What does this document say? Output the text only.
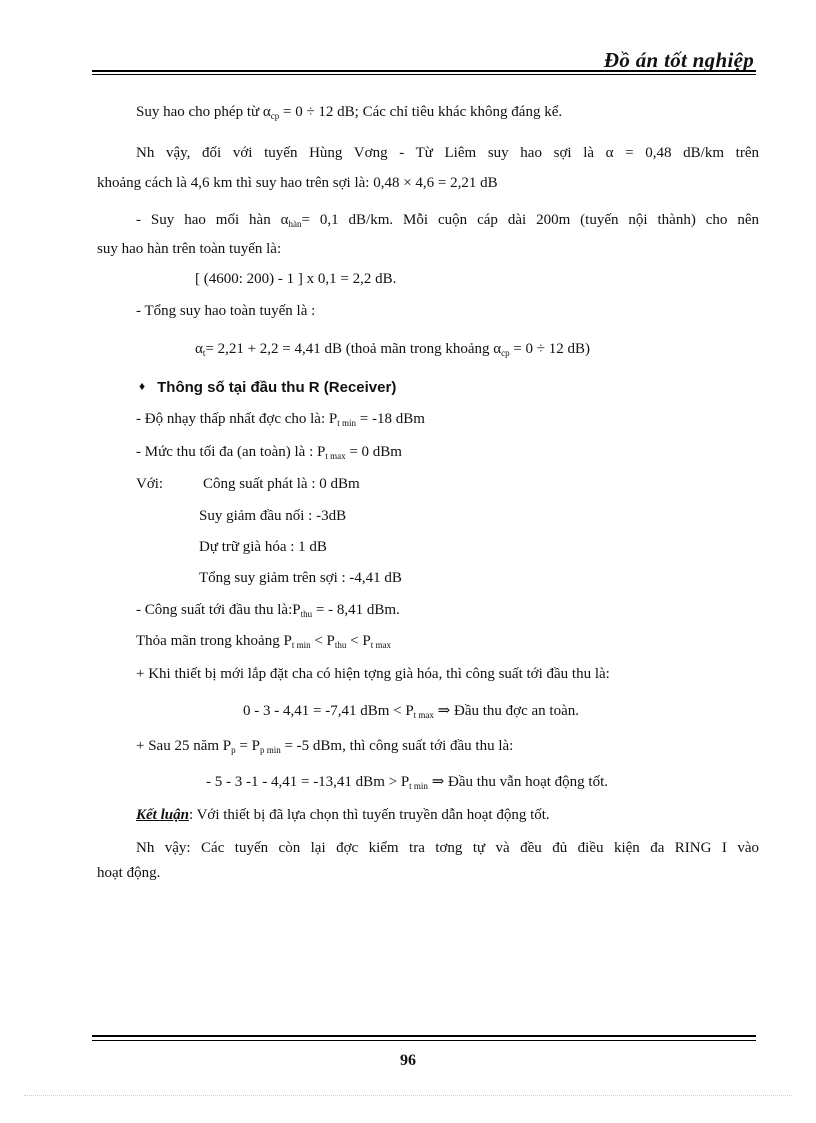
Đồ án tốt nghiệp
Suy hao cho phép từ $\alpha_{cp} = 0 \div 12$ dB; Các chỉ tiêu khác không đáng kể.
Nh vậy, đối với tuyến Hùng Vơng - Từ Liêm suy hao sợi là α = 0,48 dB/km trên
khoảng cách là 4,6 km thì suy hao trên sợi là: 0,48 × 4,6 = 2,21 dB
- Suy hao mối hàn $\alpha_{hàn}= 0,1$ dB/km. Mỗi cuộn cáp dài 200m (tuyến nội thành) cho nên
suy hao hàn trên toàn tuyến là:
[ (4600: 200) - 1 ] x 0,1 = 2,2 dB.
- Tổng suy hao toàn tuyến là :
$\alpha_t= 2,21 + 2,2 = 4,41$ dB (thoả mãn trong khoảng $\alpha_{cp} = 0 \div 12$ dB)
♦ Thông số tại đầu thu R (Receiver)
- Độ nhạy thấp nhất đợc cho là: $P_{t min} = -18$ dBm
- Mức thu tối đa (an toàn) là : $P_{t max} = 0$ dBm
Với:	Công suất phát là : 0 dBm
Suy giảm đầu nối : -3dB
Dự trữ già hóa : 1 dB
Tổng suy giảm trên sợi : -4,41 dB
- Công suất tới đầu thu $là:P_{thu}$ = - 8,41 dBm.
Thỏa mãn trong khoảng $P_{t min} < P_{thu} < P_{t max}$
+ Khi thiết bị mới lắp đặt cha có hiện tợng già hóa, thì công suất tới đầu thu là:
0 - 3 - 4,41 = -7,41 dBm < $P_{t max}$ ⇒ Đầu thu đợc an toàn.
+ Sau 25 năm $P_p = P_{p min} = -5$ dBm, thì công suất tới đầu thu là:
- 5 - 3 -1 - 4,41 = -13,41 dBm > $P_{t min}$ ⇒ Đầu thu vẫn hoạt động tốt.
Kết luận: Với thiết bị đã lựa chọn thì tuyến truyền dẫn hoạt động tốt.
Nh vậy: Các tuyến còn lại đợc kiểm tra tơng tự và đều đủ điều kiện đa RING I vào
hoạt động.
96
